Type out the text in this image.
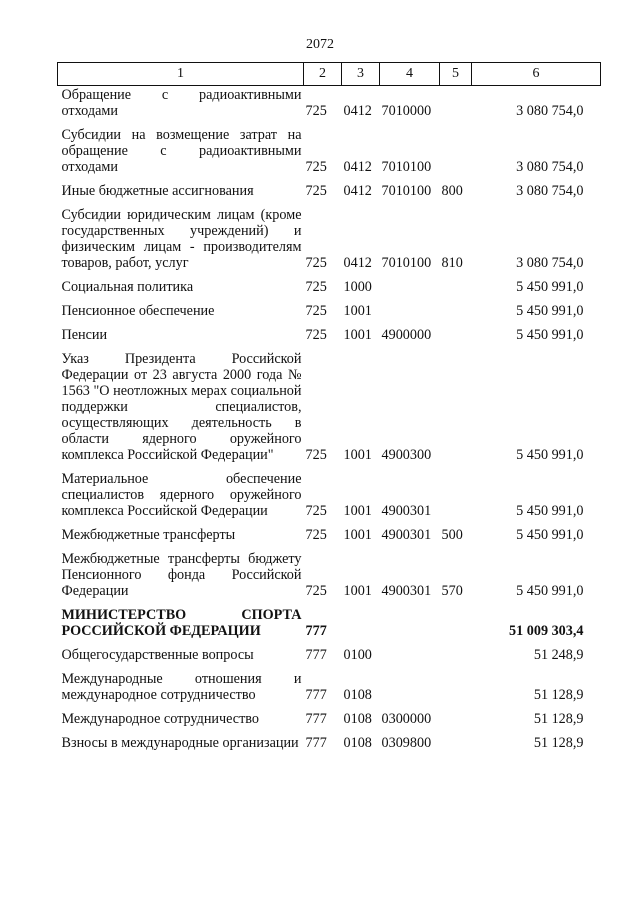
2072
1	2	3	4	5	6
Обращение с радиоактивными отходами	725	0412	7010000		3 080 754,0
Субсидии на возмещение затрат на обращение с радиоактивными отходами	725	0412	7010100		3 080 754,0
Иные бюджетные ассигнования	725	0412	7010100	800	3 080 754,0
Субсидии юридическим лицам (кроме государственных учреждений) и физическим лицам - производителям товаров, работ, услуг	725	0412	7010100	810	3 080 754,0
Социальная политика	725	1000			5 450 991,0
Пенсионное обеспечение	725	1001			5 450 991,0
Пенсии	725	1001	4900000		5 450 991,0
Указ Президента Российской Федерации от 23 августа 2000 года № 1563 "О неотложных мерах социальной поддержки специалистов, осуществляющих деятельность в области ядерного оружейного комплекса Российской Федерации"	725	1001	4900300		5 450 991,0
Материальное обеспечение специалистов ядерного оружейного комплекса Российской Федерации	725	1001	4900301		5 450 991,0
Межбюджетные трансферты	725	1001	4900301	500	5 450 991,0
Межбюджетные трансферты бюджету Пенсионного фонда Российской Федерации	725	1001	4900301	570	5 450 991,0
МИНИСТЕРСТВО СПОРТА РОССИЙСКОЙ ФЕДЕРАЦИИ	777				51 009 303,4
Общегосударственные вопросы	777	0100			51 248,9
Международные отношения и международное сотрудничество	777	0108			51 128,9
Международное сотрудничество	777	0108	0300000		51 128,9
Взносы в международные организации	777	0108	0309800		51 128,9
